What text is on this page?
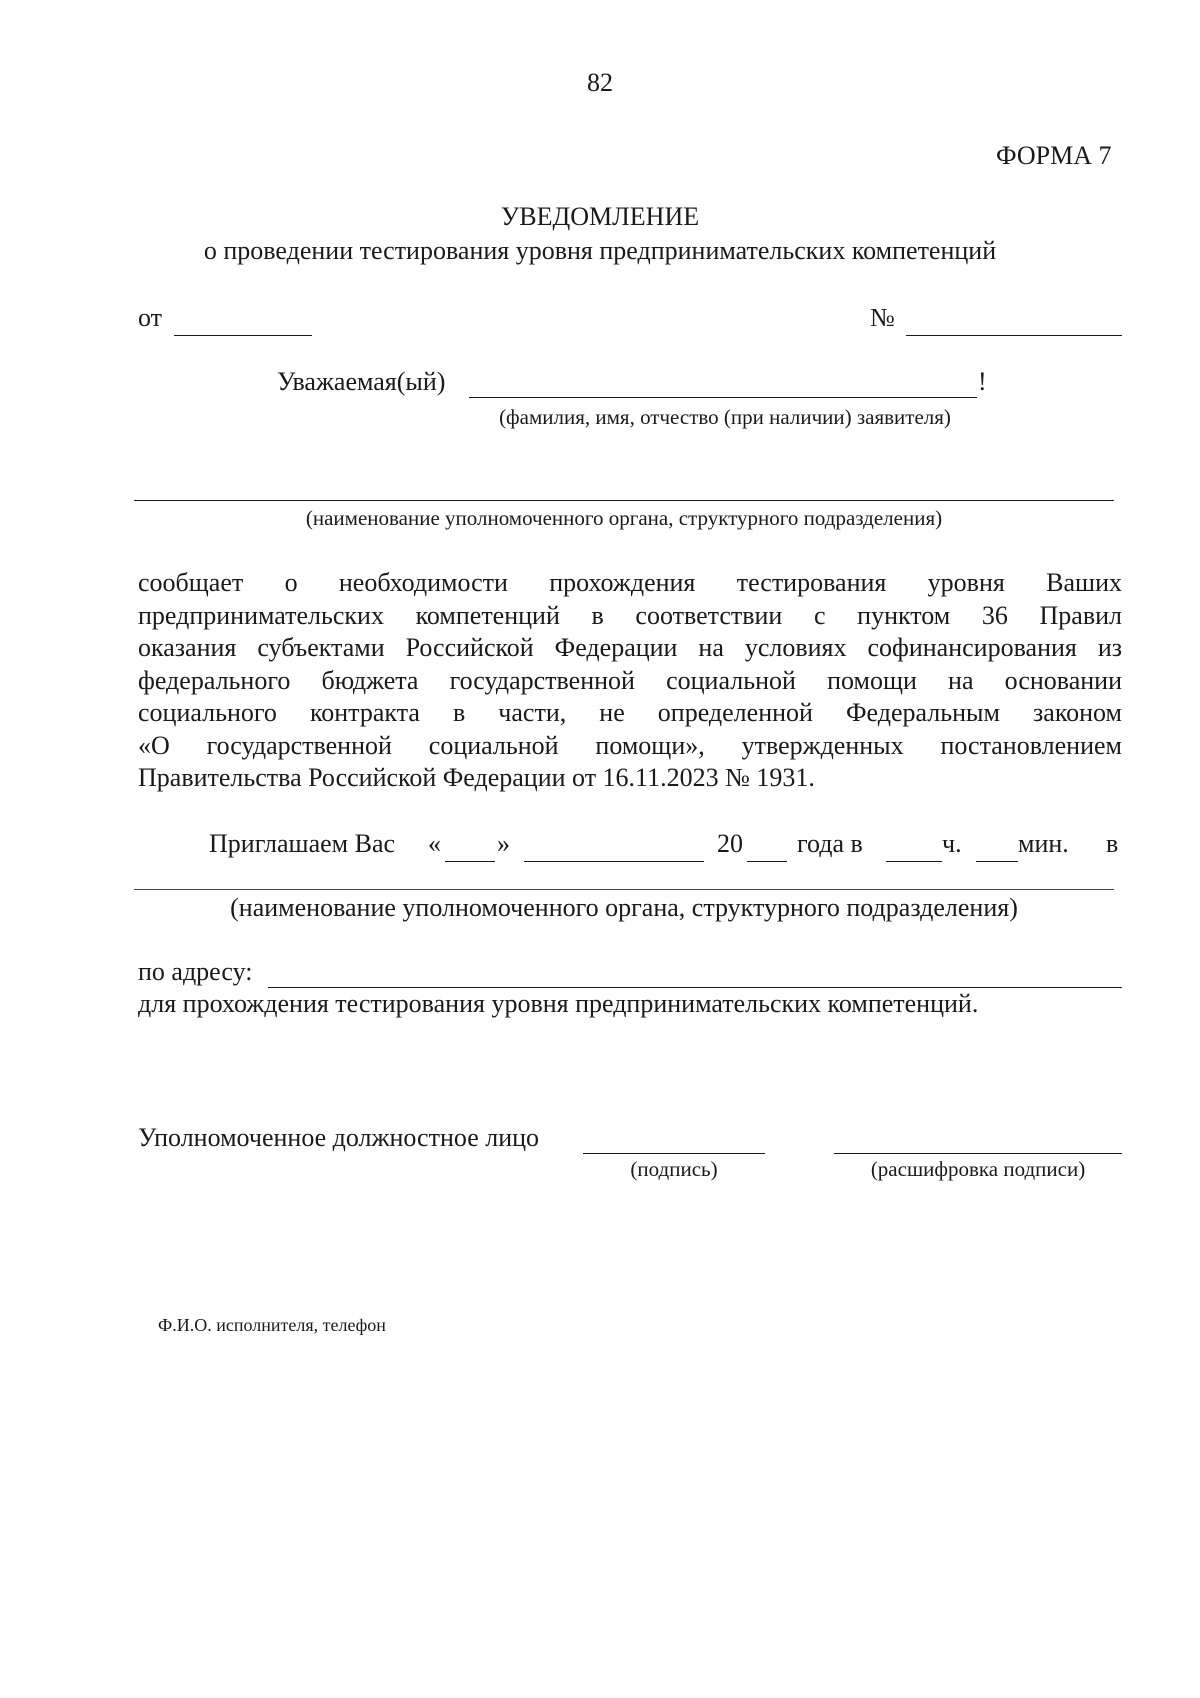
82
ФОРМА 7
УВЕДОМЛЕНИЕ
о проведении тестирования уровня предпринимательских компетенций
от	№
Уважаемая(ый)	!
(фамилия, имя, отчество (при наличии) заявителя)
(наименование уполномоченного органа, структурного подразделения)
сообщает о необходимости прохождения тестирования уровня Ваших
предпринимательских компетенций в соответствии с пунктом 36 Правил
оказания субъектами Российской Федерации на условиях софинансирования из
федерального бюджета государственной социальной помощи на основании
социального контракта в части, не определенной Федеральным законом
«О государственной социальной помощи», утвержденных постановлением
Правительства Российской Федерации от 16.11.2023 № 1931.
Приглашаем Вас « »	20 года в	ч. мин. в
(наименование уполномоченного органа, структурного подразделения)
по адресу:
для прохождения тестирования уровня предпринимательских компетенций.
Уполномоченное должностное лицо
(подпись)	(расшифровка подписи)
Ф.И.О. исполнителя, телефон
